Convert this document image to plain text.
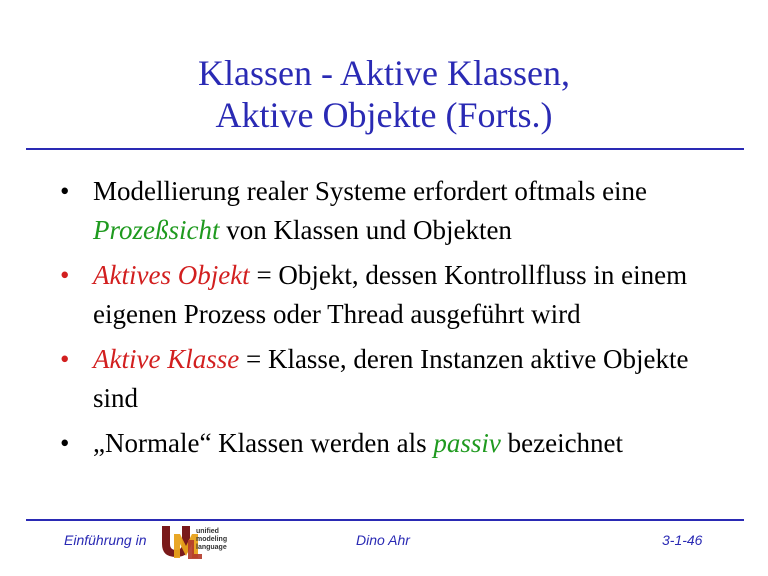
Klassen - Aktive Klassen,
Aktive Objekte (Forts.)
• Modellierung realer Systeme erfordert oftmals eine Prozeßsicht von Klassen und Objekten
• Aktives Objekt = Objekt, dessen Kontrollfluss in einem eigenen Prozess oder Thread ausgeführt wird
• Aktive Klasse = Klasse, deren Instanzen aktive Objekte sind
• „Normale“ Klassen werden als passiv bezeichnet
Einführung in
unified
modeling
language	Dino Ahr	3-1-46
